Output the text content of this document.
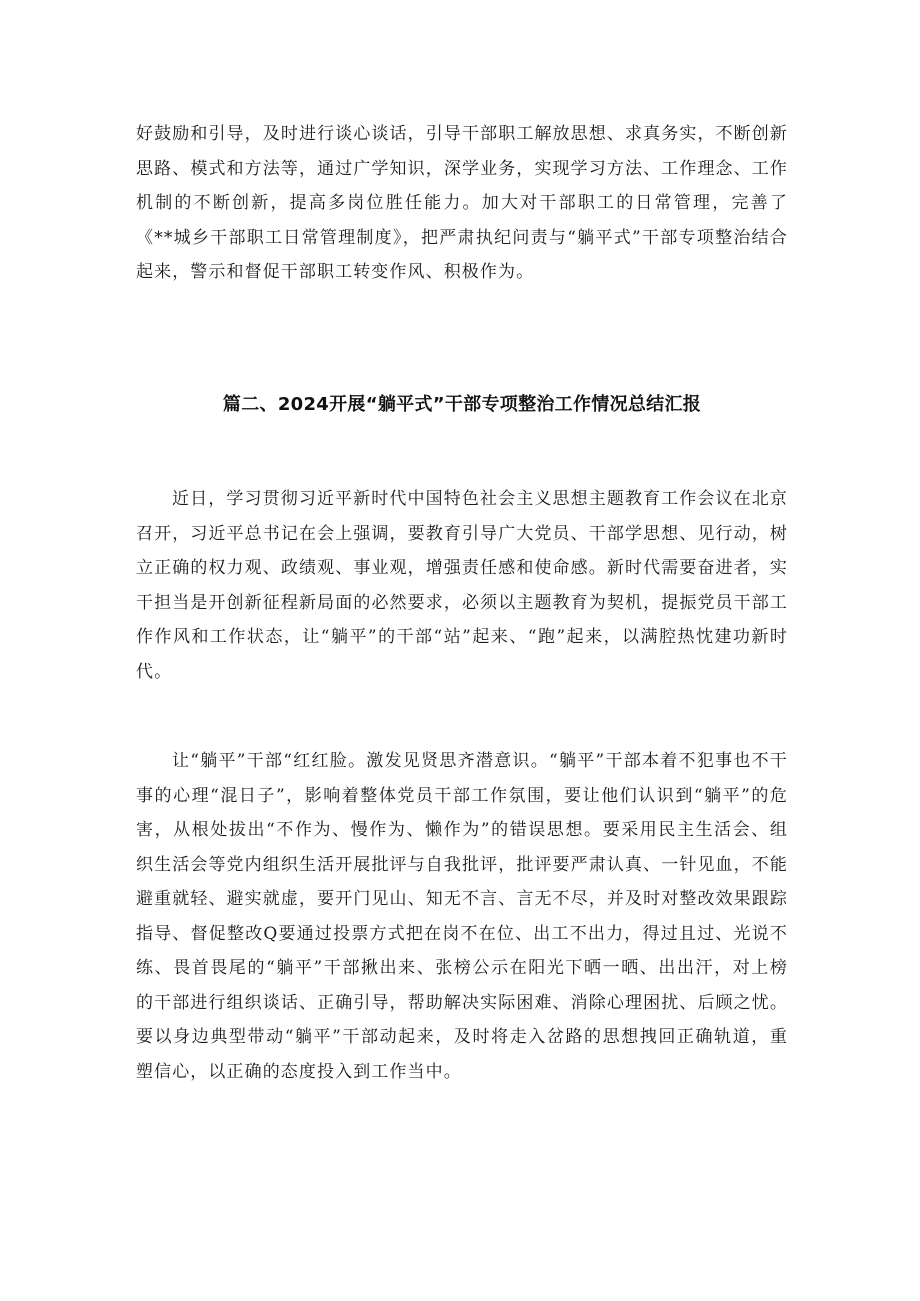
好鼓励和引导，及时进行谈心谈话，引导干部职工解放思想、求真务实，不断创新思路、模式和方法等，通过广学知识，深学业务，实现学习方法、工作理念、工作机制的不断创新，提高多岗位胜任能力。加大对干部职工的日常管理，完善了《**城乡干部职工日常管理制度》，把严肃执纪问责与“躺平式”干部专项整治结合起来，警示和督促干部职工转变作风、积极作为。

篇二、2024开展“躺平式”干部专项整治工作情况总结汇报

近日，学习贯彻习近平新时代中国特色社会主义思想主题教育工作会议在北京召开，习近平总书记在会上强调，要教育引导广大党员、干部学思想、见行动，树立正确的权力观、政绩观、事业观，增强责任感和使命感。新时代需要奋进者，实干担当是开创新征程新局面的必然要求，必须以主题教育为契机，提振党员干部工作作风和工作状态，让“躺平”的干部“站”起来、“跑”起来，以满腔热忱建功新时代。

让“躺平”干部“红红脸。激发见贤思齐潜意识。“躺平”干部本着不犯事也不干事的心理“混日子”，影响着整体党员干部工作氛围，要让他们认识到“躺平”的危害，从根处拔出“不作为、慢作为、懒作为”的错误思想。要采用民主生活会、组织生活会等党内组织生活开展批评与自我批评，批评要严肃认真、一针见血，不能避重就轻、避实就虚，要开门见山、知无不言、言无不尽，并及时对整改效果跟踪指导、督促整改Q要通过投票方式把在岗不在位、出工不出力，得过且过、光说不练、畏首畏尾的“躺平”干部揪出来、张榜公示在阳光下晒一晒、出出汗，对上榜的干部进行组织谈话、正确引导，帮助解决实际困难、消除心理困扰、后顾之忧。要以身边典型带动“躺平”干部动起来，及时将走入岔路的思想拽回正确轨道，重塑信心，以正确的态度投入到工作当中。
